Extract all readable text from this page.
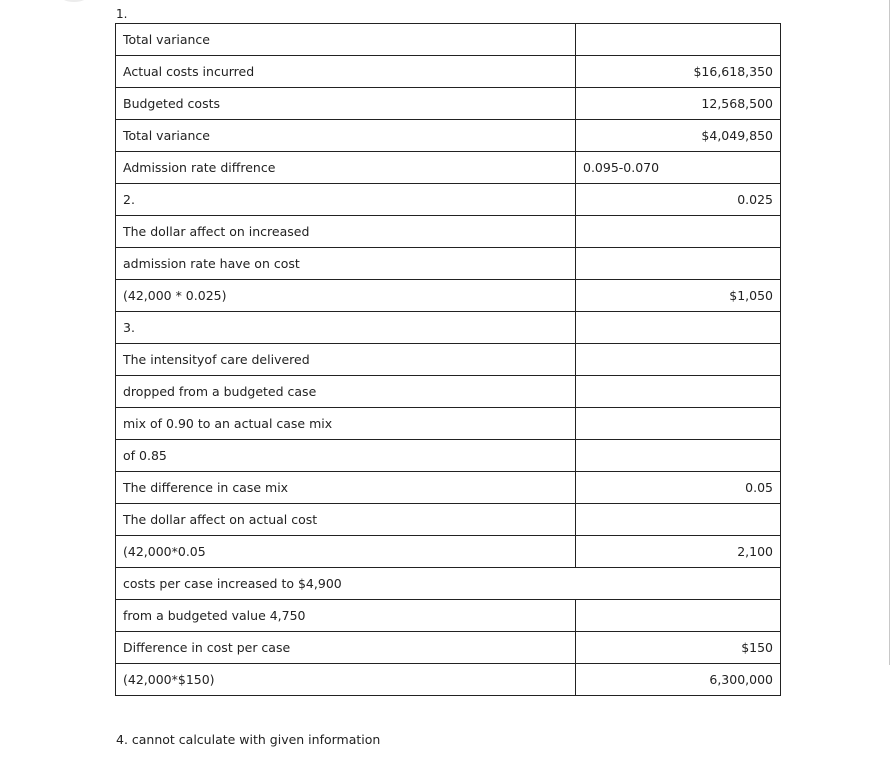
1.
Total variance	
Actual costs incurred	$16,618,350
Budgeted costs	12,568,500
Total variance	$4,049,850
Admission rate diffrence	0.095-0.070
2.	0.025
The dollar affect on increased	
admission rate have on cost	
(42,000 * 0.025)	$1,050
3.	
The intensityof care delivered	
dropped from a budgeted case	
mix of 0.90 to an actual case mix	
of 0.85	
The difference in case mix	0.05
The dollar affect on actual cost	
(42,000*0.05	2,100
costs per case increased to $4,900	
from a budgeted value 4,750	
Difference in cost per case	$150
(42,000*$150)	6,300,000
4. cannot calculate with given information
